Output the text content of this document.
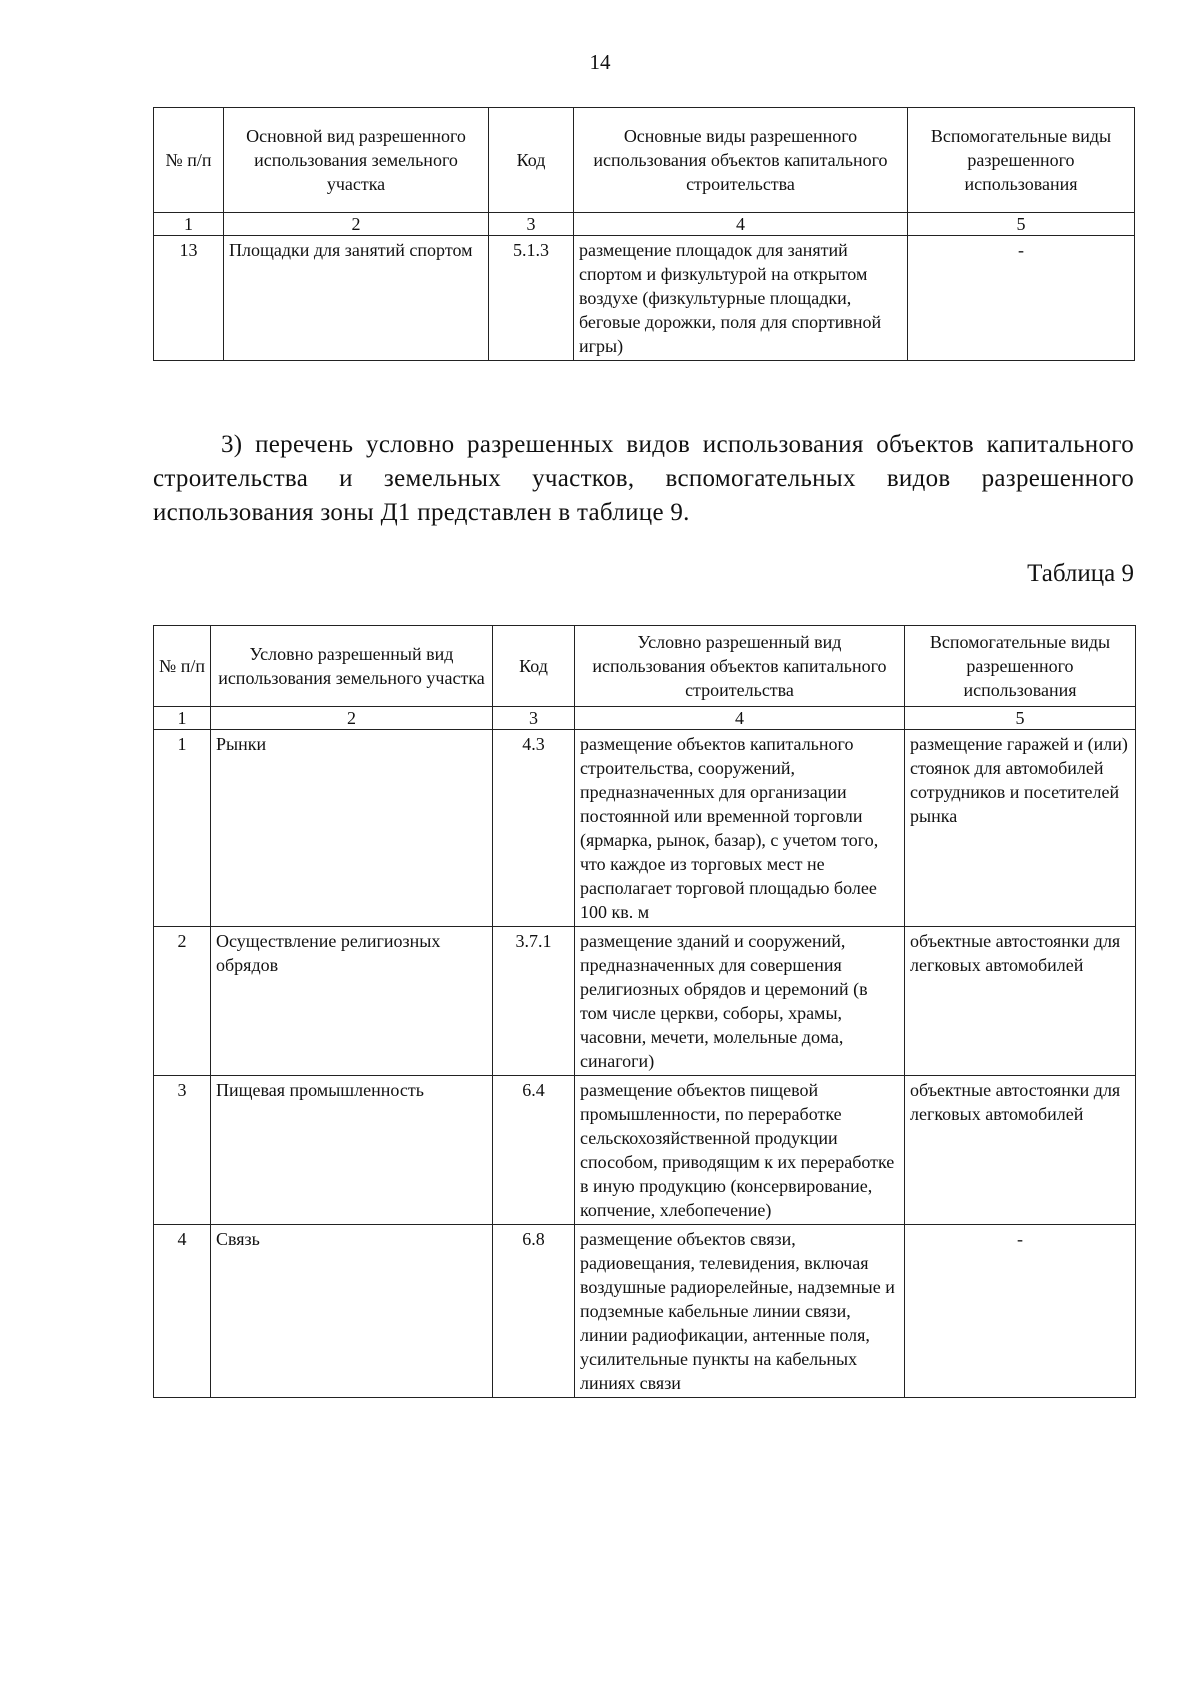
14
№ п/п	Основной вид разрешенного использования земельного участка	Код	Основные виды разрешенного использования объектов капитального строительства	Вспомогательные виды разрешенного использования
1	2	3	4	5
13	Площадки для занятий спортом	5.1.3	размещение площадок для занятий спортом и физкультурой на открытом воздухе (физкультурные площадки, беговые дорожки, поля для спортивной игры)	-
3) перечень условно разрешенных видов использования объектов капитального строительства и земельных участков, вспомогательных видов разрешенного использования зоны Д1 представлен в таблице 9.
Таблица 9
№ п/п	Условно разрешенный вид использования земельного участка	Код	Условно разрешенный вид использования объектов капитального строительства	Вспомогательные виды разрешенного использования
1	2	3	4	5
1	Рынки	4.3	размещение объектов капитального строительства, сооружений, предназначенных для организации постоянной или временной торговли (ярмарка, рынок, базар), с учетом того, что каждое из торговых мест не располагает торговой площадью более 100 кв. м	размещение гаражей и (или) стоянок для автомобилей сотрудников и посетителей рынка
2	Осуществление религиозных обрядов	3.7.1	размещение зданий и сооружений, предназначенных для совершения религиозных обрядов и церемоний (в том числе церкви, соборы, храмы, часовни, мечети, молельные дома, синагоги)	объектные автостоянки для легковых автомобилей
3	Пищевая промышленность	6.4	размещение объектов пищевой промышленности, по переработке сельскохозяйственной продукции способом, приводящим к их переработке в иную продукцию (консервирование, копчение, хлебопечение)	объектные автостоянки для легковых автомобилей
4	Связь	6.8	размещение объектов связи, радиовещания, телевидения, включая воздушные радиорелейные, надземные и подземные кабельные линии связи, линии радиофикации, антенные поля, усилительные пункты на кабельных линиях связи	-
